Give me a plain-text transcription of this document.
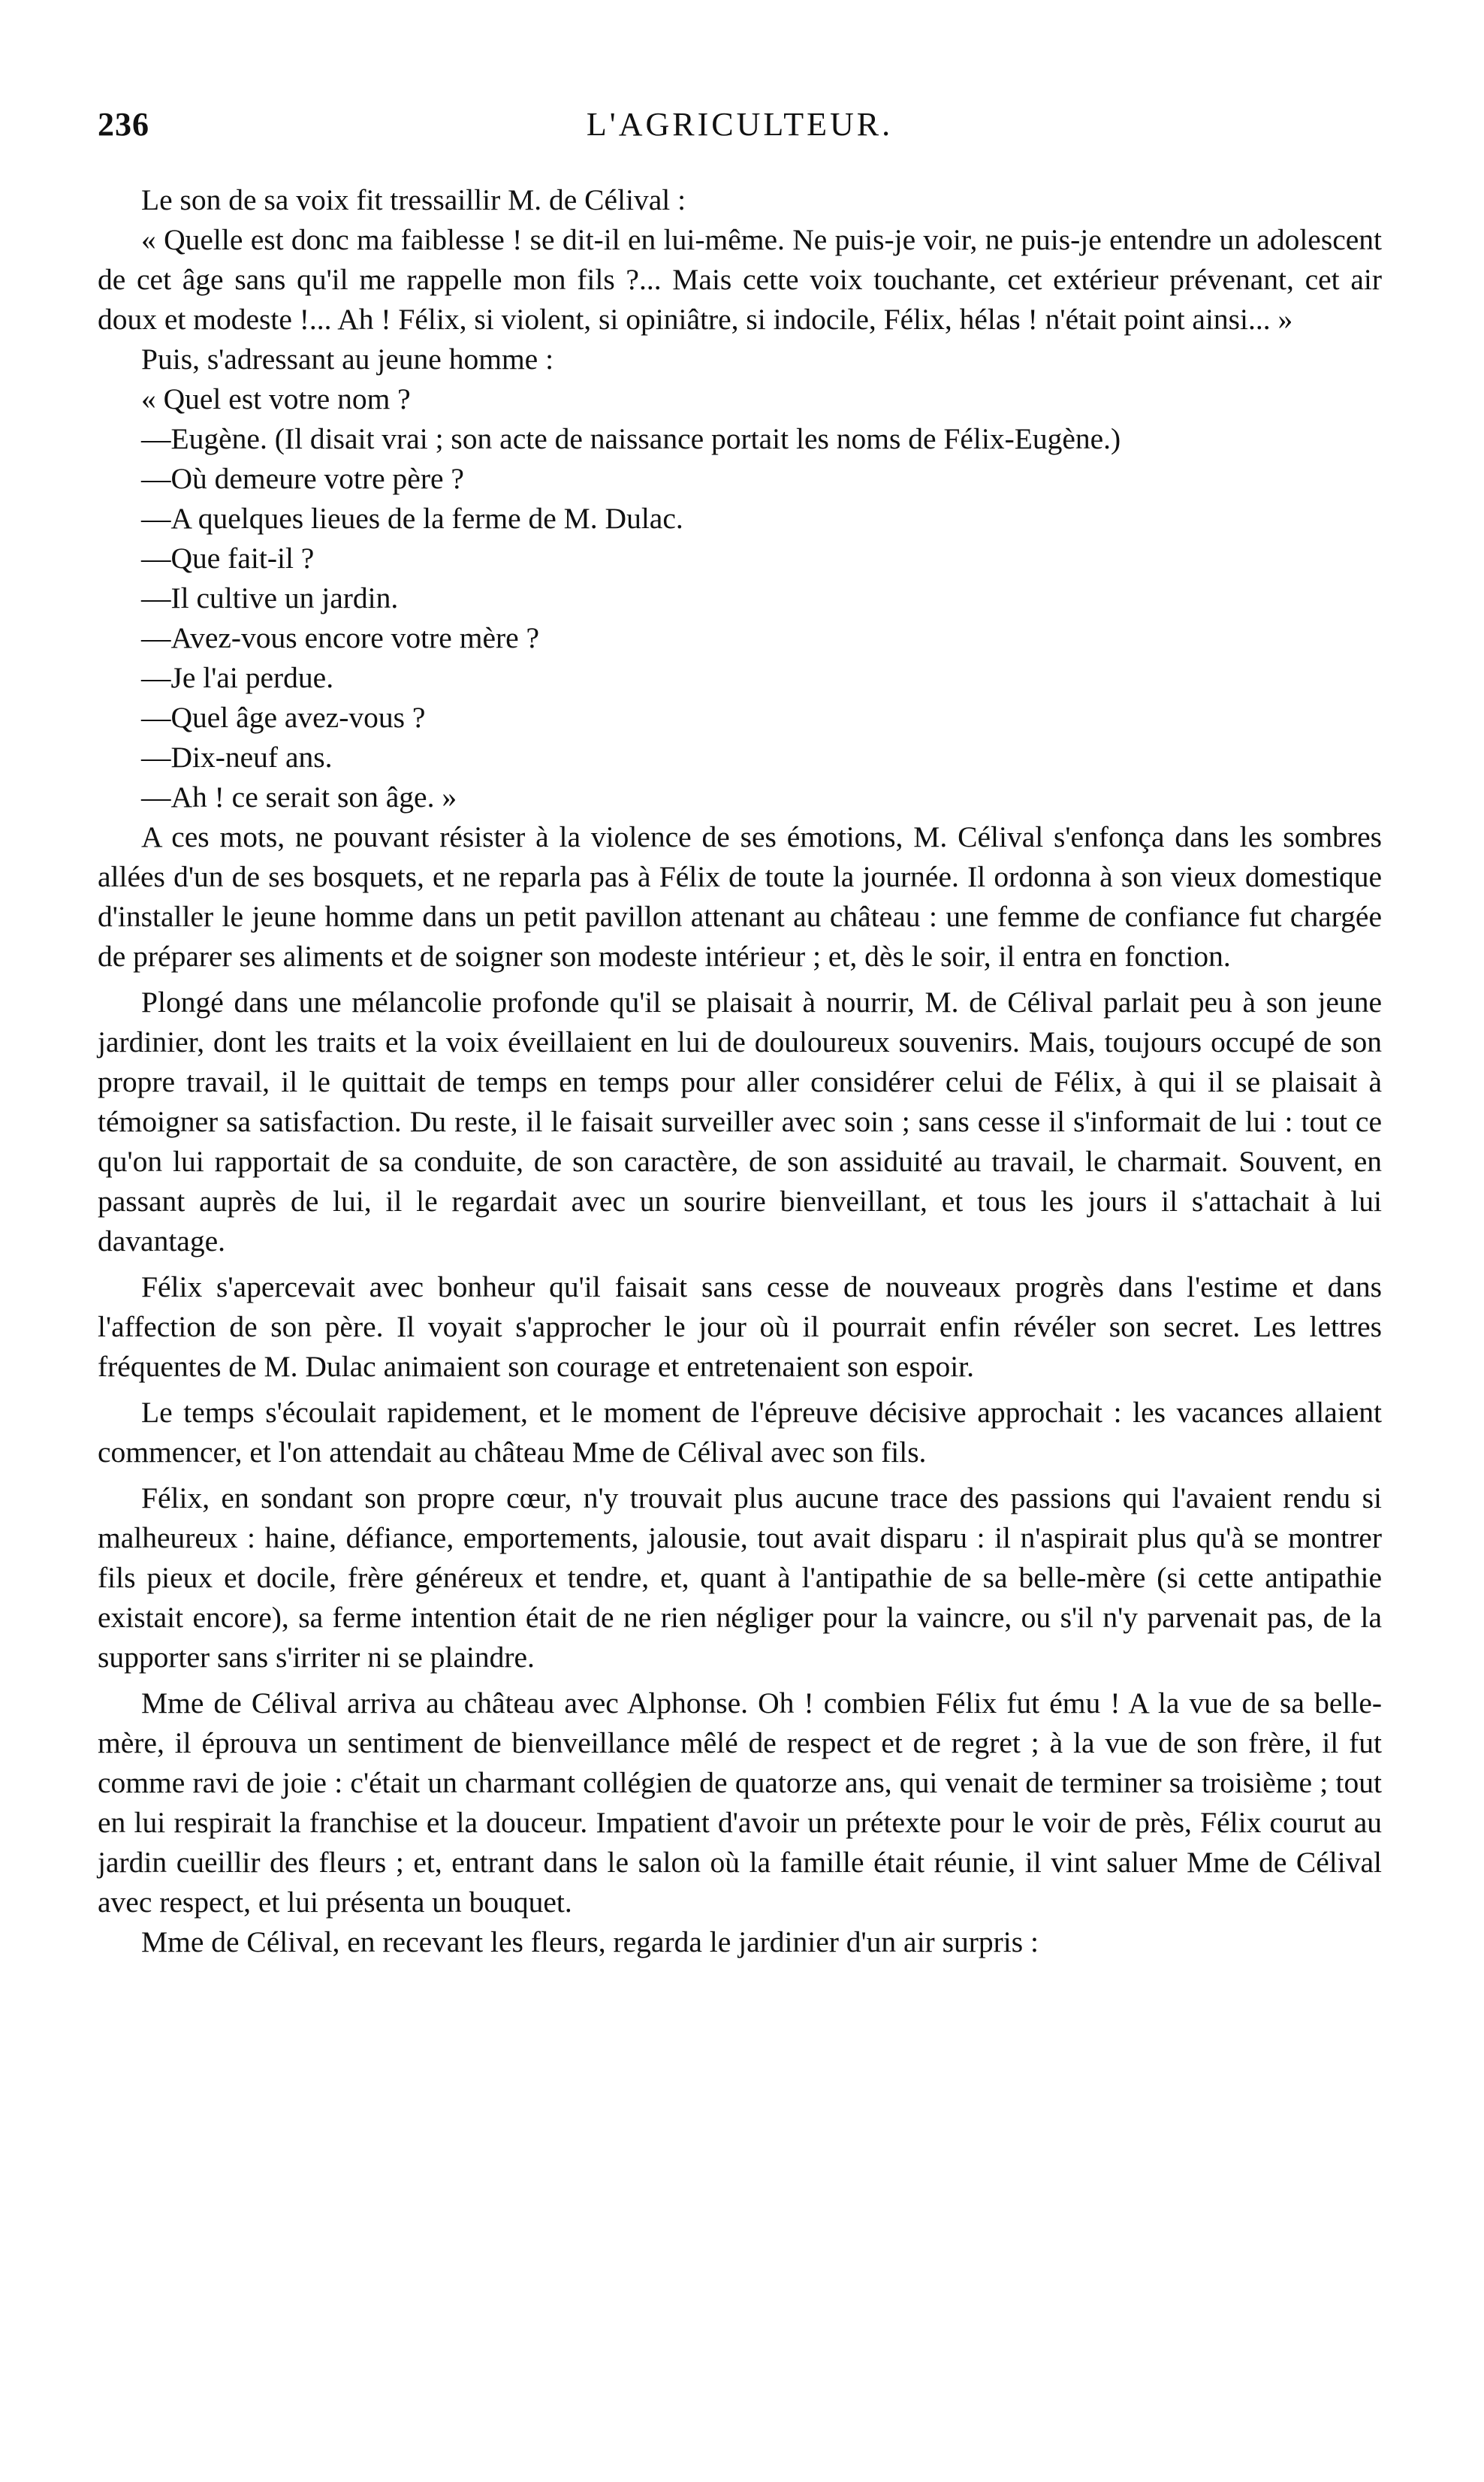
236	L'AGRICULTEUR.

Le son de sa voix fit tressaillir M. de Célival :

« Quelle est donc ma faiblesse ! se dit-il en lui-même. Ne puis-je voir, ne puis-je entendre un adolescent de cet âge sans qu'il me rappelle mon fils ?... Mais cette voix touchante, cet extérieur prévenant, cet air doux et modeste !... Ah ! Félix, si violent, si opiniâtre, si indocile, Félix, hélas ! n'était point ainsi... »

Puis, s'adressant au jeune homme :

« Quel est votre nom ?

—Eugène. (Il disait vrai ; son acte de naissance portait les noms de Félix-Eugène.)

—Où demeure votre père ?

—A quelques lieues de la ferme de M. Dulac.

—Que fait-il ?

—Il cultive un jardin.

—Avez-vous encore votre mère ?

—Je l'ai perdue.

—Quel âge avez-vous ?

—Dix-neuf ans.

—Ah ! ce serait son âge. »

A ces mots, ne pouvant résister à la violence de ses émotions, M. Célival s'enfonça dans les sombres allées d'un de ses bosquets, et ne reparla pas à Félix de toute la journée. Il ordonna à son vieux domestique d'installer le jeune homme dans un petit pavillon attenant au château : une femme de confiance fut chargée de préparer ses aliments et de soigner son modeste intérieur ; et, dès le soir, il entra en fonction.

Plongé dans une mélancolie profonde qu'il se plaisait à nourrir, M. de Célival parlait peu à son jeune jardinier, dont les traits et la voix éveillaient en lui de douloureux souvenirs. Mais, toujours occupé de son propre travail, il le quittait de temps en temps pour aller considérer celui de Félix, à qui il se plaisait à témoigner sa satisfaction. Du reste, il le faisait surveiller avec soin ; sans cesse il s'informait de lui : tout ce qu'on lui rapportait de sa conduite, de son caractère, de son assiduité au travail, le charmait. Souvent, en passant auprès de lui, il le regardait avec un sourire bienveillant, et tous les jours il s'attachait à lui davantage.

Félix s'apercevait avec bonheur qu'il faisait sans cesse de nouveaux progrès dans l'estime et dans l'affection de son père. Il voyait s'approcher le jour où il pourrait enfin révéler son secret. Les lettres fréquentes de M. Dulac animaient son courage et entretenaient son espoir.

Le temps s'écoulait rapidement, et le moment de l'épreuve décisive approchait : les vacances allaient commencer, et l'on attendait au château Mme de Célival avec son fils.

Félix, en sondant son propre cœur, n'y trouvait plus aucune trace des passions qui l'avaient rendu si malheureux : haine, défiance, emportements, jalousie, tout avait disparu : il n'aspirait plus qu'à se montrer fils pieux et docile, frère généreux et tendre, et, quant à l'antipathie de sa belle-mère (si cette antipathie existait encore), sa ferme intention était de ne rien négliger pour la vaincre, ou s'il n'y parvenait pas, de la supporter sans s'irriter ni se plaindre.

Mme de Célival arriva au château avec Alphonse. Oh ! combien Félix fut ému ! A la vue de sa belle-mère, il éprouva un sentiment de bienveillance mêlé de respect et de regret ; à la vue de son frère, il fut comme ravi de joie : c'était un charmant collégien de quatorze ans, qui venait de terminer sa troisième ; tout en lui respirait la franchise et la douceur. Impatient d'avoir un prétexte pour le voir de près, Félix courut au jardin cueillir des fleurs ; et, entrant dans le salon où la famille était réunie, il vint saluer Mme de Célival avec respect, et lui présenta un bouquet.

Mme de Célival, en recevant les fleurs, regarda le jardinier d'un air surpris :
